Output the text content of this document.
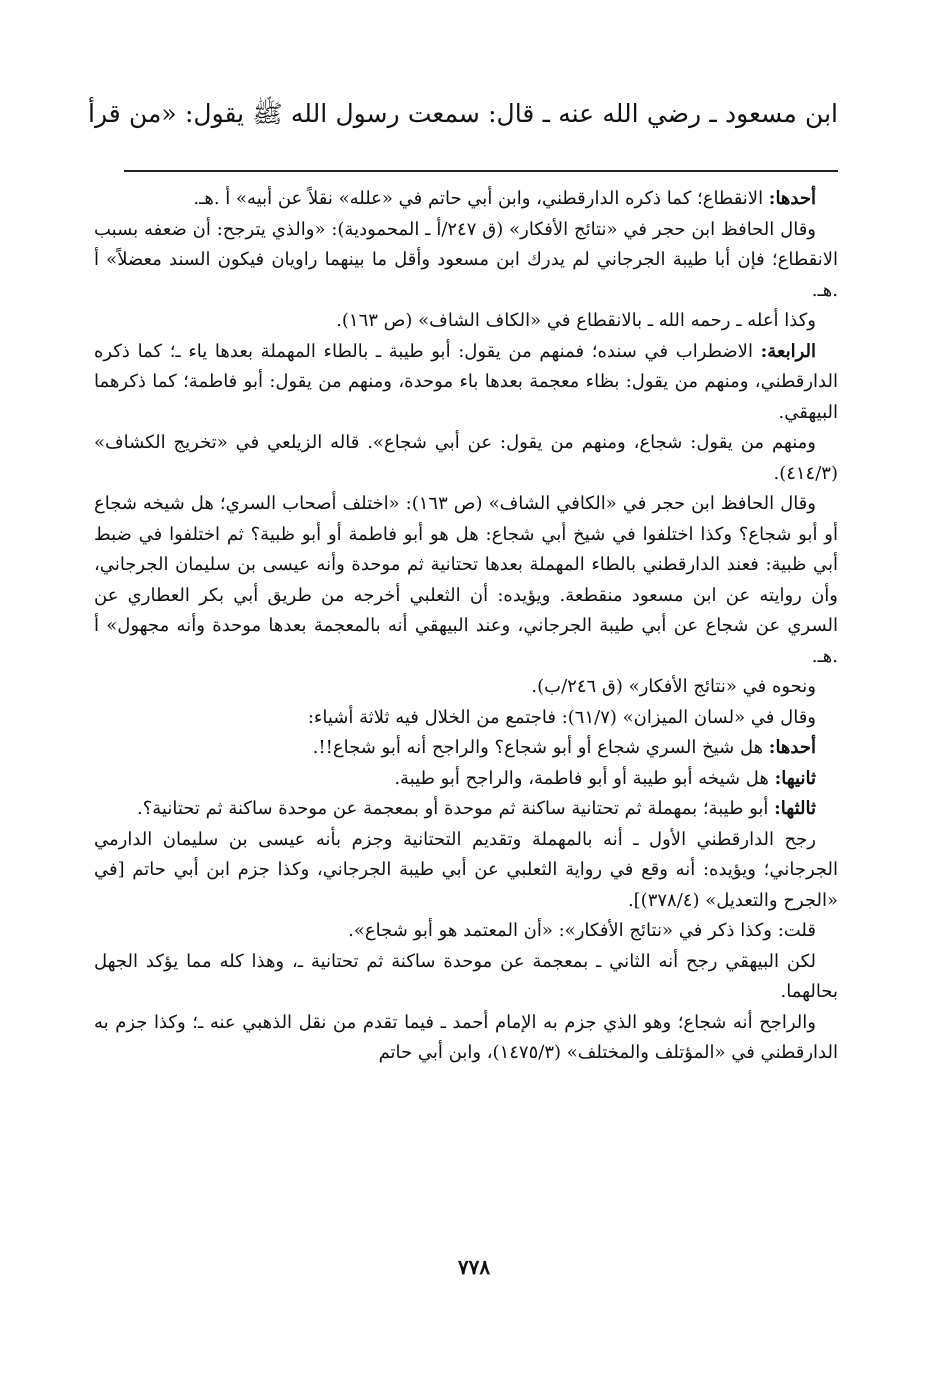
ابن مسعود ـ رضي الله عنه ـ قال: سمعت رسول الله ﷺ يقول: «من قرأ

أحدها: الانقطاع؛ كما ذكره الدارقطني، وابن أبي حاتم في «علله» نقلاً عن أبيه» أ .هـ.

وقال الحافظ ابن حجر في «نتائج الأفكار» (ق ٢٤٧/أ ـ المحمودية): «والذي يترجح: أن ضعفه بسبب الانقطاع؛ فإن أبا طيبة الجرجاني لم يدرك ابن مسعود وأقل ما بينهما راويان فيكون السند معضلاً» أ .هـ.

وكذا أعله ـ رحمه الله ـ بالانقطاع في «الكاف الشاف» (ص ١٦٣).

الرابعة: الاضطراب في سنده؛ فمنهم من يقول: أبو طيبة ـ بالطاء المهملة بعدها ياء ـ؛ كما ذكره الدارقطني، ومنهم من يقول: بظاء معجمة بعدها باء موحدة، ومنهم من يقول: أبو فاطمة؛ كما ذكرهما البيهقي.

ومنهم من يقول: شجاع، ومنهم من يقول: عن أبي شجاع». قاله الزيلعي في «تخريج الكشاف» (٤١٤/٣).

وقال الحافظ ابن حجر في «الكافي الشاف» (ص ١٦٣): «اختلف أصحاب السري؛ هل شيخه شجاع أو أبو شجاع؟ وكذا اختلفوا في شيخ أبي شجاع: هل هو أبو فاطمة أو أبو ظبية؟ ثم اختلفوا في ضبط أبي ظبية: فعند الدارقطني بالطاء المهملة بعدها تحتانية ثم موحدة وأنه عيسى بن سليمان الجرجاني، وأن روايته عن ابن مسعود منقطعة. ويؤيده: أن الثعلبي أخرجه من طريق أبي بكر العطاري عن السري عن شجاع عن أبي طيبة الجرجاني، وعند البيهقي أنه بالمعجمة بعدها موحدة وأنه مجهول» أ .هـ.

ونحوه في «نتائج الأفكار» (ق ٢٤٦/ب).

وقال في «لسان الميزان» (٦١/٧): فاجتمع من الخلال فيه ثلاثة أشياء:

أحدها: هل شيخ السري شجاع أو أبو شجاع؟ والراجح أنه أبو شجاع!!.

ثانيها: هل شيخه أبو طيبة أو أبو فاطمة، والراجح أبو طيبة.

ثالثها: أبو طيبة؛ بمهملة ثم تحتانية ساكنة ثم موحدة أو بمعجمة عن موحدة ساكنة ثم تحتانية؟.

رجح الدارقطني الأول ـ أنه بالمهملة وتقديم التحتانية وجزم بأنه عيسى بن سليمان الدارمي الجرجاني؛ ويؤيده: أنه وقع في رواية الثعلبي عن أبي طيبة الجرجاني، وكذا جزم ابن أبي حاتم [في «الجرح والتعديل» (٣٧٨/٤)].

قلت: وكذا ذكر في «نتائج الأفكار»: «أن المعتمد هو أبو شجاع».

لكن البيهقي رجح أنه الثاني ـ بمعجمة عن موحدة ساكنة ثم تحتانية ـ، وهذا كله مما يؤكد الجهل بحالهما.

والراجح أنه شجاع؛ وهو الذي جزم به الإمام أحمد ـ فيما تقدم من نقل الذهبي عنه ـ؛ وكذا جزم به الدارقطني في «المؤتلف والمختلف» (١٤٧٥/٣)، وابن أبي حاتم

٧٧٨
